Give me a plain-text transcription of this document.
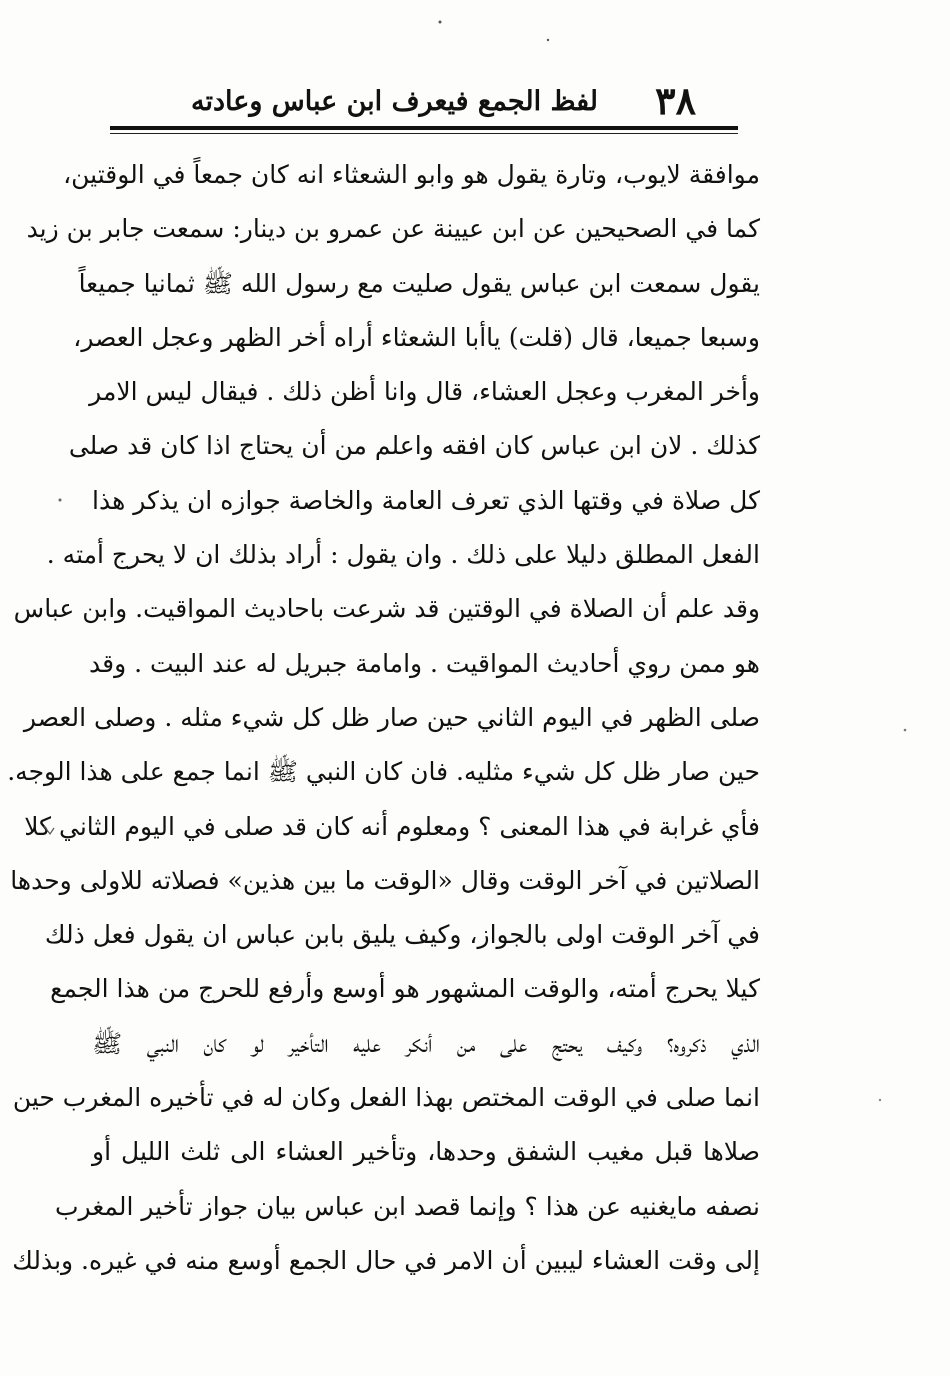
٣٨
لفظ الجمع فيعرف ابن عباس وعادته
موافقة لايوب، وتارة يقول هو وابو الشعثاء انه كان جمعاً في الوقتين،
كما في الصحيحين عن ابن عيينة عن عمرو بن دينار: سمعت جابر بن زيد
يقول سمعت ابن عباس يقول صليت مع رسول الله ﷺ ثمانيا جميعاً
وسبعا جميعا، قال (قلت) ياأبا الشعثاء أراه أخر الظهر وعجل العصر،
وأخر المغرب وعجل العشاء، قال وانا أظن ذلك . فيقال ليس الامر
كذلك . لان ابن عباس كان افقه واعلم من أن يحتاج اذا كان قد صلى
كل صلاة في وقتها الذي تعرف العامة والخاصة جوازه ان يذكر هذا
الفعل المطلق دليلا على ذلك . وان يقول : أراد بذلك ان لا يحرج أمته .
وقد علم أن الصلاة في الوقتين قد شرعت باحاديث المواقيت. وابن عباس
هو ممن روي أحاديث المواقيت . وامامة جبريل له عند البيت . وقد
صلى الظهر في اليوم الثاني حين صار ظل كل شيء مثله . وصلى العصر
حين صار ظل كل شيء مثليه. فان كان النبي ﷺ انما جمع على هذا الوجه.
فأي غرابة في هذا المعنى ؟ ومعلوم أنه كان قد صلى في اليوم الثاني كلا
الصلاتين في آخر الوقت وقال «الوقت ما بين هذين» فصلاته للاولى وحدها
في آخر الوقت اولى بالجواز، وكيف يليق بابن عباس ان يقول فعل ذلك
كيلا يحرج أمته، والوقت المشهور هو أوسع وأرفع للحرج من هذا الجمع
الذي ذكروه؟ وكيف يحتج على من أنكر عليه التأخير لو كان النبي ﷺ
انما صلى في الوقت المختص بهذا الفعل وكان له في تأخيره المغرب حين
صلاها قبل مغيب الشفق وحدها، وتأخير العشاء الى ثلث الليل أو
نصفه مايغنيه عن هذا ؟ وإنما قصد ابن عباس بيان جواز تأخير المغرب
إلى وقت العشاء ليبين أن الامر في حال الجمع أوسع منه في غيره. وبذلك
